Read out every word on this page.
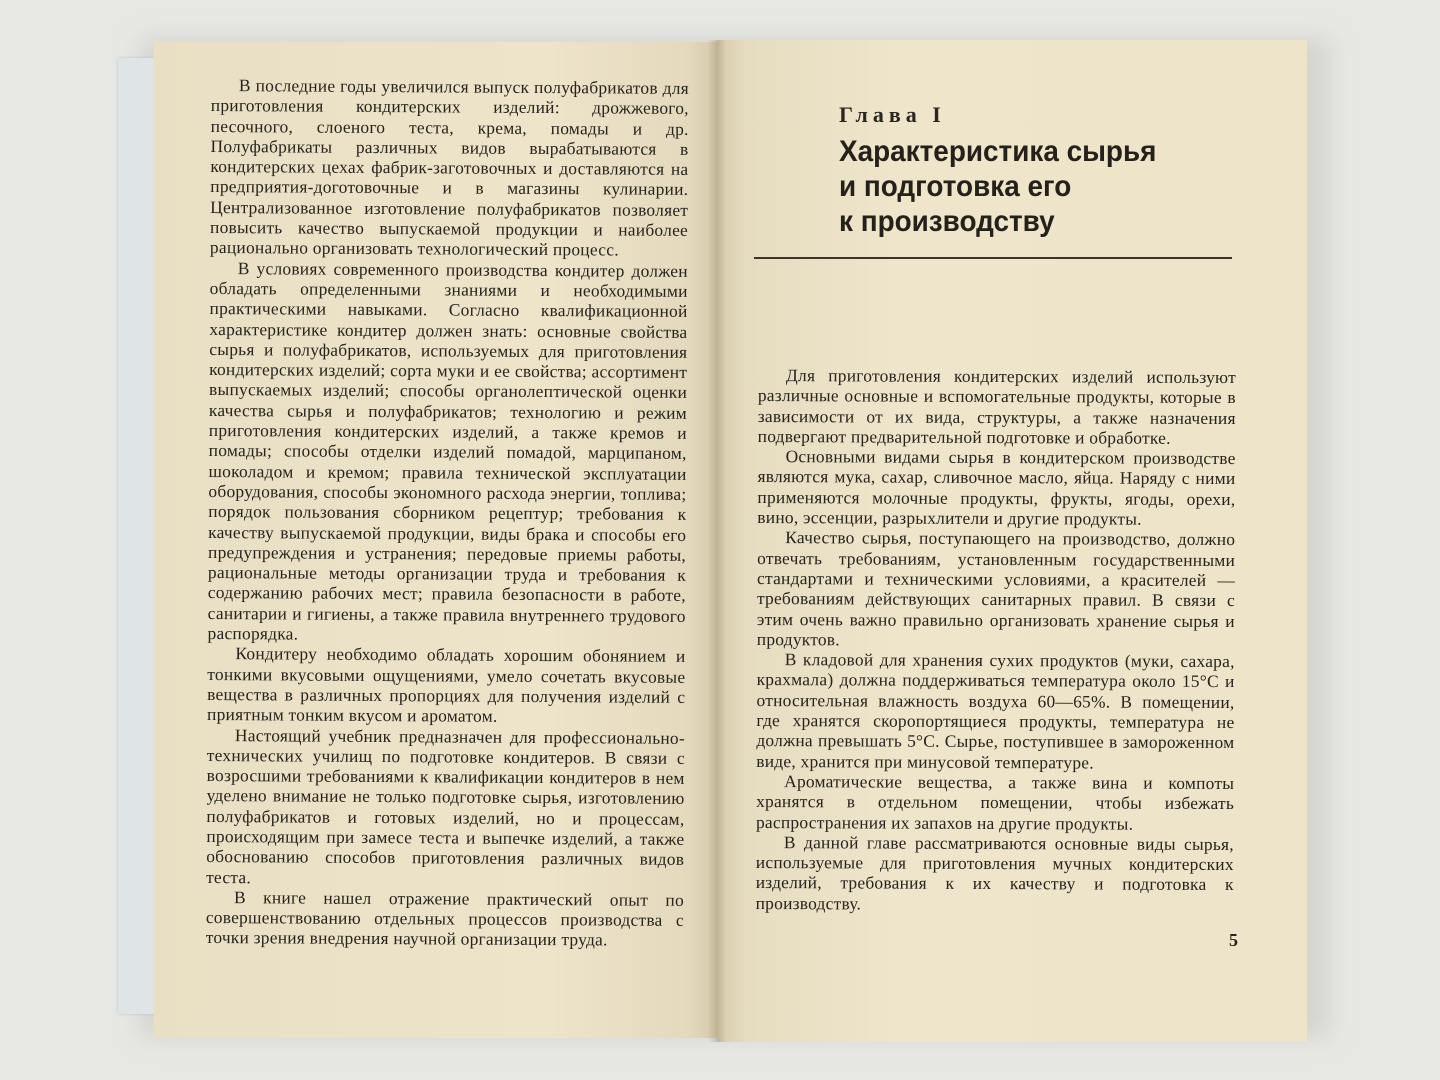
В последние годы увеличился выпуск полуфабрикатов для приготовления кондитерских изделий: дрожжевого, песочного, слоеного теста, крема, помады и др. Полуфабрикаты различных видов вырабатываются в кондитерских цехах фабрик-заготовочных и доставляются на предприятия-доготовочные и в магазины кулинарии. Централизованное изготовление полуфабрикатов позволяет повысить качество выпускаемой продукции и наиболее рационально организовать технологический процесс.

В условиях современного производства кондитер должен обладать определенными знаниями и необходимыми практическими навыками. Согласно квалификационной характеристике кондитер должен знать: основные свойства сырья и полуфабрикатов, используемых для приготовления кондитерских изделий; сорта муки и ее свойства; ассортимент выпускаемых изделий; способы органолептической оценки качества сырья и полуфабрикатов; технологию и режим приготовления кондитерских изделий, а также кремов и помады; способы отделки изделий помадой, марципаном, шоколадом и кремом; правила технической эксплуатации оборудования, способы экономного расхода энергии, топлива; порядок пользования сборником рецептур; требования к качеству выпускаемой продукции, виды брака и способы его предупреждения и устранения; передовые приемы работы, рациональные методы организации труда и требования к содержанию рабочих мест; правила безопасности в работе, санитарии и гигиены, а также правила внутреннего трудового распорядка.

Кондитеру необходимо обладать хорошим обонянием и тонкими вкусовыми ощущениями, умело сочетать вкусовые вещества в различных пропорциях для получения изделий с приятным тонким вкусом и ароматом.

Настоящий учебник предназначен для профессионально-технических училищ по подготовке кондитеров. В связи с возросшими требованиями к квалификации кондитеров в нем уделено внимание не только подготовке сырья, изготовлению полуфабрикатов и готовых изделий, но и процессам, происходящим при замесе теста и выпечке изделий, а также обоснованию способов приготовления различных видов теста.

В книге нашел отражение практический опыт по совершенствованию отдельных процессов производства с точки зрения внедрения научной организации труда.

Глава I
Характеристика сырья
и подготовка его
к производству

Для приготовления кондитерских изделий используют различные основные и вспомогательные продукты, которые в зависимости от их вида, структуры, а также назначения подвергают предварительной подготовке и обработке.

Основными видами сырья в кондитерском производстве являются мука, сахар, сливочное масло, яйца. Наряду с ними применяются молочные продукты, фрукты, ягоды, орехи, вино, эссенции, разрыхлители и другие продукты.

Качество сырья, поступающего на производство, должно отвечать требованиям, установленным государственными стандартами и техническими условиями, а красителей — требованиям действующих санитарных правил. В связи с этим очень важно правильно организовать хранение сырья и продуктов.

В кладовой для хранения сухих продуктов (муки, сахара, крахмала) должна поддерживаться температура около 15°С и относительная влажность воздуха 60—65%. В помещении, где хранятся скоропортящиеся продукты, температура не должна превышать 5°С. Сырье, поступившее в замороженном виде, хранится при минусовой температуре.

Ароматические вещества, а также вина и компоты хранятся в отдельном помещении, чтобы избежать распространения их запахов на другие продукты.

В данной главе рассматриваются основные виды сырья, используемые для приготовления мучных кондитерских изделий, требования к их качеству и подготовка к производству.

5
